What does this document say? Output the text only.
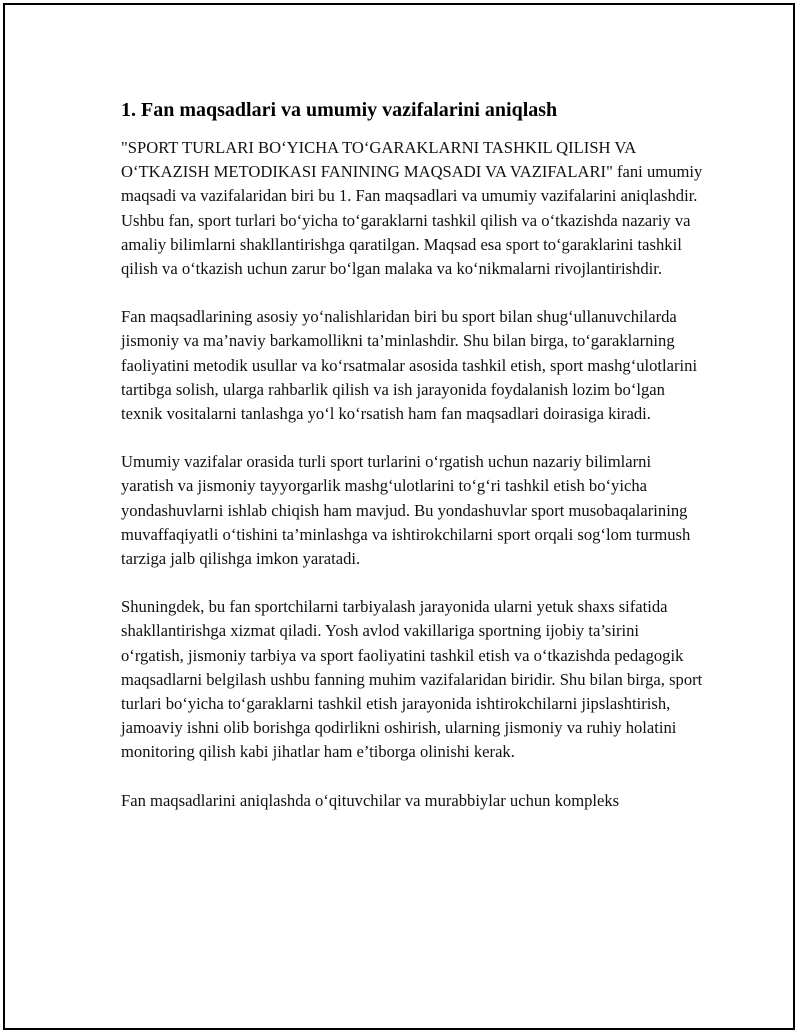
1. Fan maqsadlari va umumiy vazifalarini aniqlash

"SPORT TURLARI BO‘YICHA TO‘GARAKLARNI TASHKIL QILISH VA O‘TKAZISH METODIKASI FANINING MAQSADI VA VAZIFALARI" fani umumiy maqsadi va vazifalaridan biri bu 1. Fan maqsadlari va umumiy vazifalarini aniqlashdir. Ushbu fan, sport turlari bo‘yicha to‘garaklarni tashkil qilish va o‘tkazishda nazariy va amaliy bilimlarni shakllantirishga qaratilgan. Maqsad esa sport to‘garaklarini tashkil qilish va o‘tkazish uchun zarur bo‘lgan malaka va ko‘nikmalarni rivojlantirishdir.

Fan maqsadlarining asosiy yo‘nalishlaridan biri bu sport bilan shug‘ullanuvchilarda jismoniy va ma’naviy barkamollikni ta’minlashdir. Shu bilan birga, to‘garaklarning faoliyatini metodik usullar va ko‘rsatmalar asosida tashkil etish, sport mashg‘ulotlarini tartibga solish, ularga rahbarlik qilish va ish jarayonida foydalanish lozim bo‘lgan texnik vositalarni tanlashga yo‘l ko‘rsatish ham fan maqsadlari doirasiga kiradi.

Umumiy vazifalar orasida turli sport turlarini o‘rgatish uchun nazariy bilimlarni yaratish va jismoniy tayyorgarlik mashg‘ulotlarini to‘g‘ri tashkil etish bo‘yicha yondashuvlarni ishlab chiqish ham mavjud. Bu yondashuvlar sport musobaqalarining muvaffaqiyatli o‘tishini ta’minlashga va ishtirokchilarni sport orqali sog‘lom turmush tarziga jalb qilishga imkon yaratadi.

Shuningdek, bu fan sportchilarni tarbiyalash jarayonida ularni yetuk shaxs sifatida shakllantirishga xizmat qiladi. Yosh avlod vakillariga sportning ijobiy ta’sirini o‘rgatish, jismoniy tarbiya va sport faoliyatini tashkil etish va o‘tkazishda pedagogik maqsadlarni belgilash ushbu fanning muhim vazifalaridan biridir. Shu bilan birga, sport turlari bo‘yicha to‘garaklarni tashkil etish jarayonida ishtirokchilarni jipslashtirish, jamoaviy ishni olib borishga qodirlikni oshirish, ularning jismoniy va ruhiy holatini monitoring qilish kabi jihatlar ham e’tiborga olinishi kerak.

Fan maqsadlarini aniqlashda o‘qituvchilar va murabbiylar uchun kompleks
